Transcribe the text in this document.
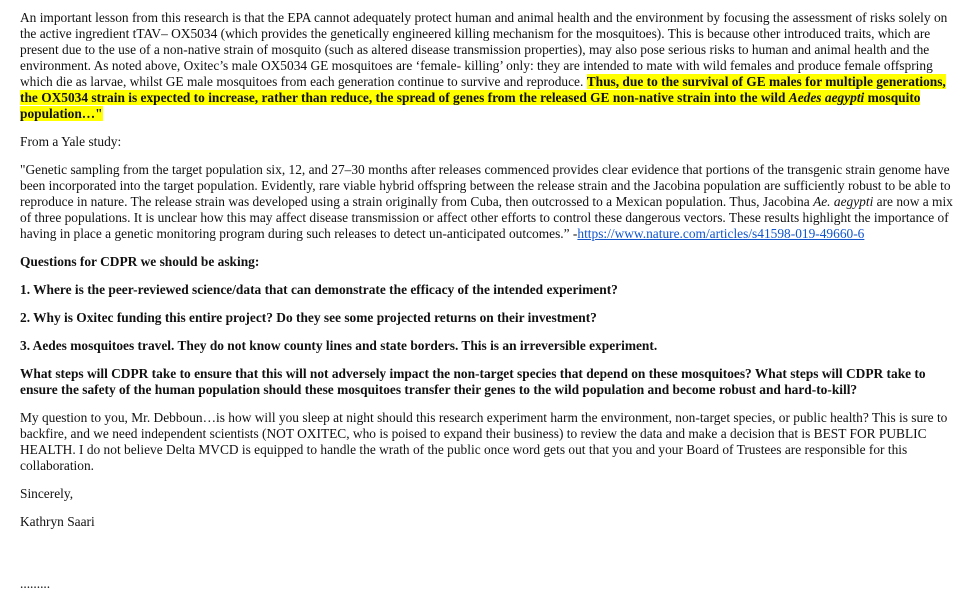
An important lesson from this research is that the EPA cannot adequately protect human and animal health and the environment by focusing the assessment of risks solely on the active ingredient tTAV– OX5034 (which provides the genetically engineered killing mechanism for the mosquitoes). This is because other introduced traits, which are present due to the use of a non-native strain of mosquito (such as altered disease transmission properties), may also pose serious risks to human and animal health and the environment. As noted above, Oxitec’s male OX5034 GE mosquitoes are ‘female- killing’ only: they are intended to mate with wild females and produce female offspring which die as larvae, whilst GE male mosquitoes from each generation continue to survive and reproduce. Thus, due to the survival of GE males for multiple generations, the OX5034 strain is expected to increase, rather than reduce, the spread of genes from the released GE non-native strain into the wild Aedes aegypti mosquito population…"

From a Yale study:

"Genetic sampling from the target population six, 12, and 27–30 months after releases commenced provides clear evidence that portions of the transgenic strain genome have been incorporated into the target population. Evidently, rare viable hybrid offspring between the release strain and the Jacobina population are sufficiently robust to be able to reproduce in nature. The release strain was developed using a strain originally from Cuba, then outcrossed to a Mexican population. Thus, Jacobina Ae. aegypti are now a mix of three populations. It is unclear how this may affect disease transmission or affect other efforts to control these dangerous vectors. These results highlight the importance of having in place a genetic monitoring program during such releases to detect un-anticipated outcomes.” -https://www.nature.com/articles/s41598-019-49660-6

Questions for CDPR we should be asking:

1. Where is the peer-reviewed science/data that can demonstrate the efficacy of the intended experiment?

2. Why is Oxitec funding this entire project? Do they see some projected returns on their investment?

3. Aedes mosquitoes travel. They do not know county lines and state borders. This is an irreversible experiment.

What steps will CDPR take to ensure that this will not adversely impact the non-target species that depend on these mosquitoes? What steps will CDPR take to ensure the safety of the human population should these mosquitoes transfer their genes to the wild population and become robust and hard-to-kill?

My question to you, Mr. Debboun…is how will you sleep at night should this research experiment harm the environment, non-target species, or public health? This is sure to backfire, and we need independent scientists (NOT OXITEC, who is poised to expand their business) to review the data and make a decision that is BEST FOR PUBLIC HEALTH. I do not believe Delta MVCD is equipped to handle the wrath of the public once word gets out that you and your Board of Trustees are responsible for this collaboration.

Sincerely,

Kathryn Saari

.........
